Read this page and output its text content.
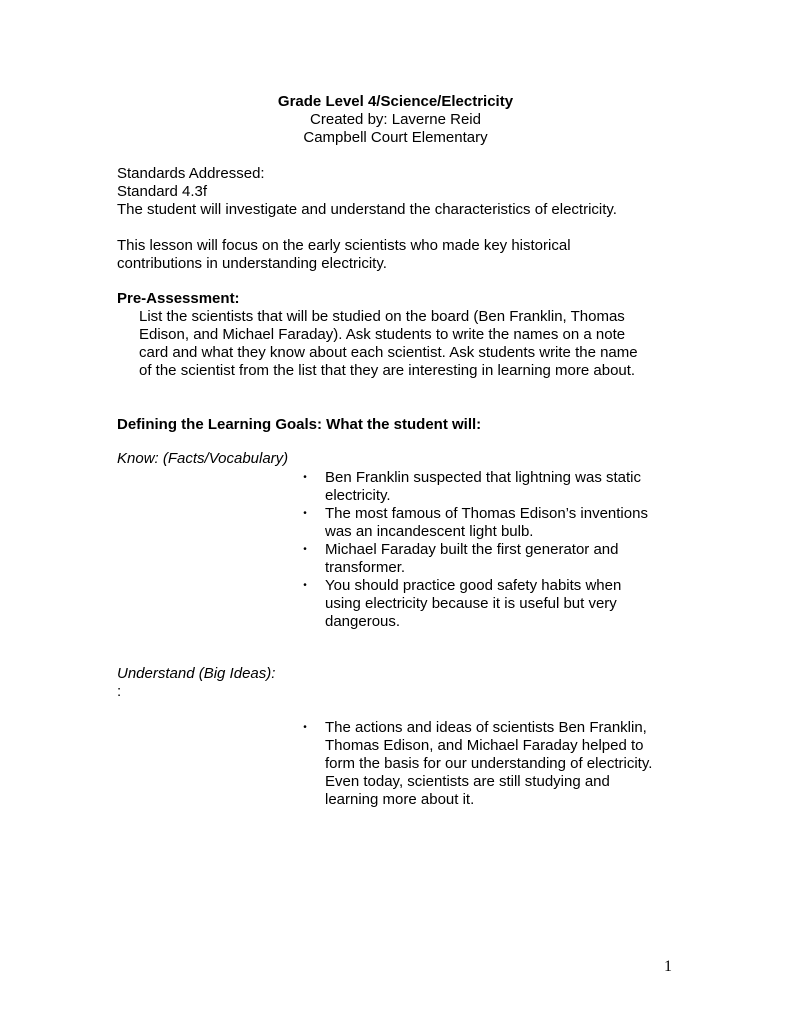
Grade Level 4/Science/Electricity
Created by: Laverne Reid
Campbell Court Elementary
Standards Addressed:
Standard 4.3f
The student will investigate and understand the characteristics of electricity.
This lesson will focus on the early scientists who made key historical
contributions in understanding electricity.
Pre-Assessment:
List the scientists that will be studied on the board (Ben Franklin, Thomas
Edison, and Michael Faraday). Ask students to write the names on a note
card and what they know about each scientist. Ask students write the name
of the scientist from the list that they are interesting in learning more about.
Defining the Learning Goals: What the student will:
Know: (Facts/Vocabulary)
• Ben Franklin suspected that lightning was static
electricity.
• The most famous of Thomas Edison’s inventions
was an incandescent light bulb.
• Michael Faraday built the first generator and
transformer.
• You should practice good safety habits when
using electricity because it is useful but very
dangerous.
Understand (Big Ideas):
:
• The actions and ideas of scientists Ben Franklin,
Thomas Edison, and Michael Faraday helped to
form the basis for our understanding of electricity.
Even today, scientists are still studying and
learning more about it.
1
